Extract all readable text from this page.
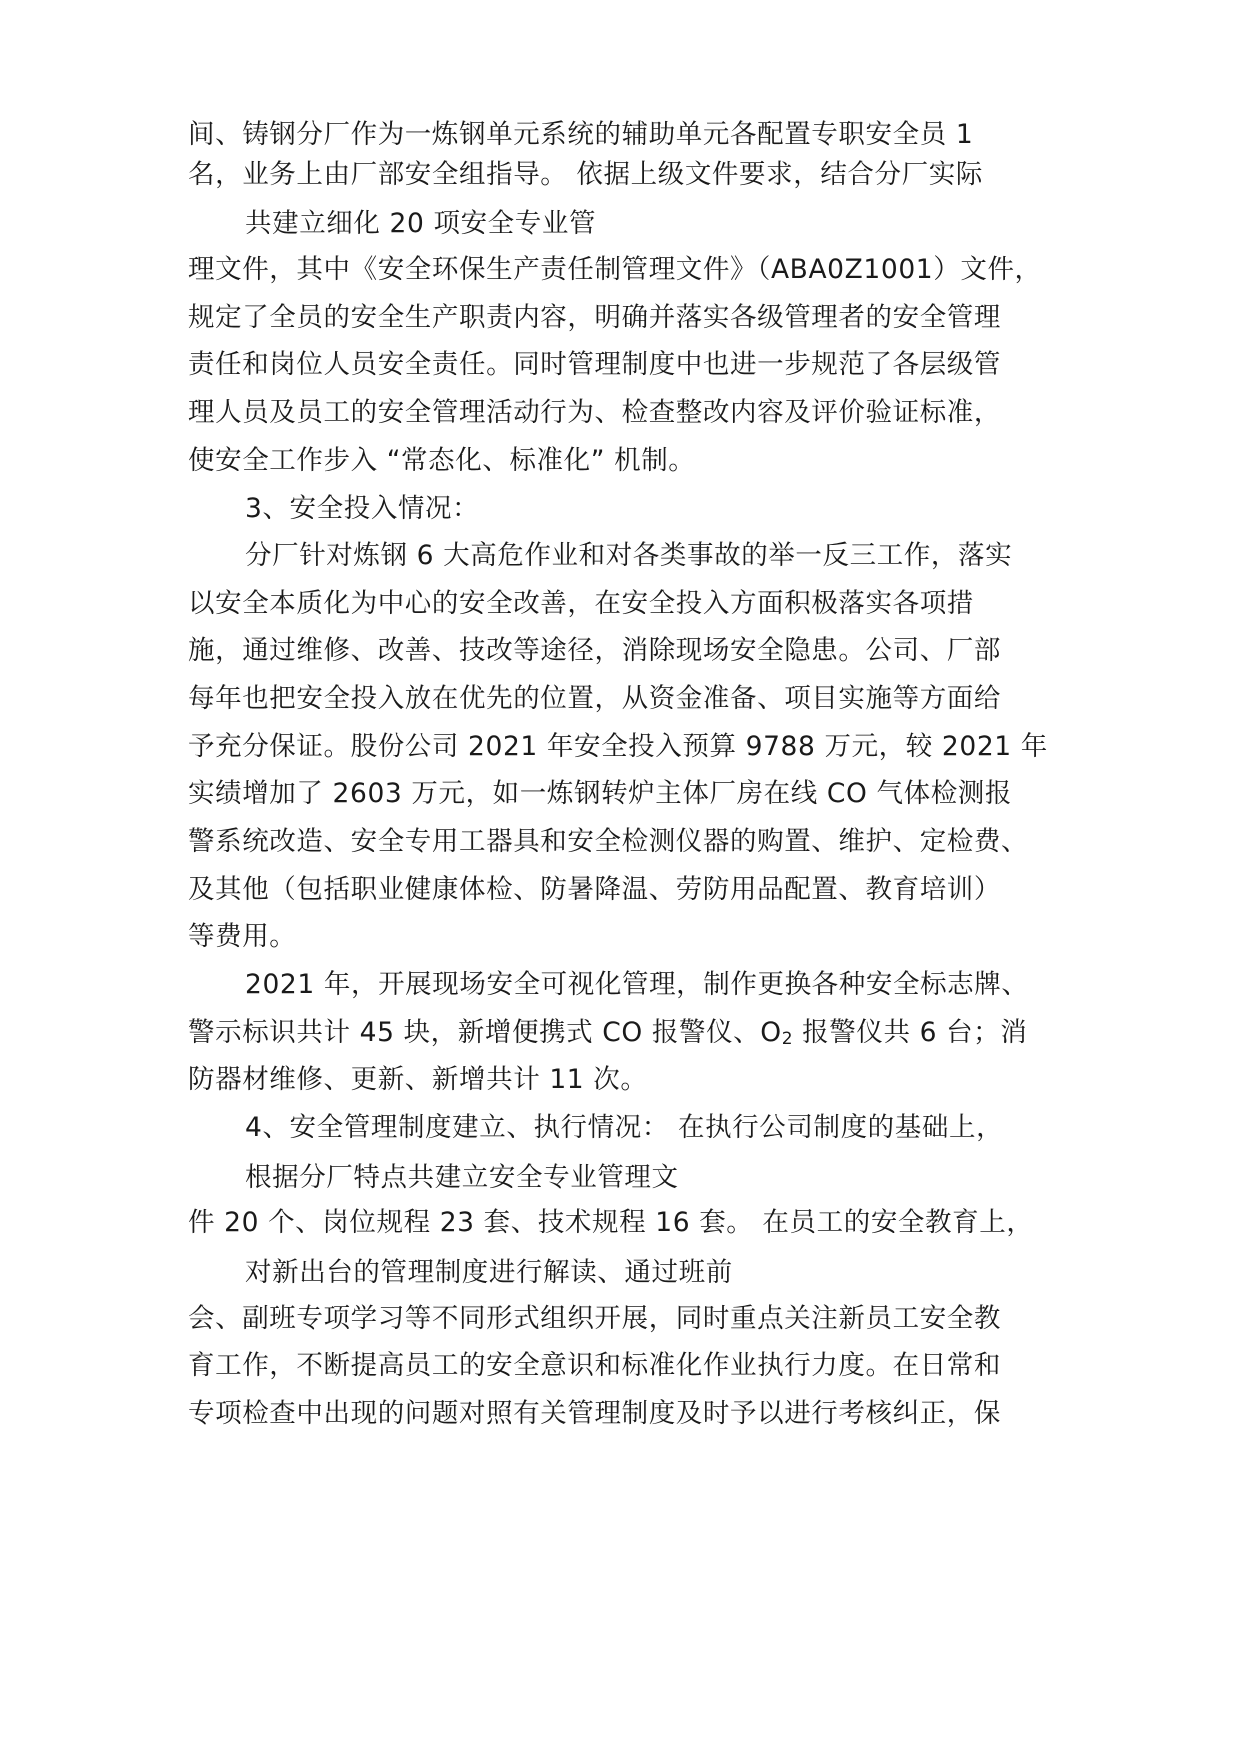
间、铸钢分厂作为一炼钢单元系统的辅助单元各配置专职安全员 1
名，业务上由厂部安全组指导。 依据上级文件要求，结合分厂实际
共建立细化 20 项安全专业管
理文件，其中《安全环保生产责任制管理文件》（ABA0Z1001）文件，
规定了全员的安全生产职责内容，明确并落实各级管理者的安全管理
责任和岗位人员安全责任。同时管理制度中也进一步规范了各层级管
理人员及员工的安全管理活动行为、检查整改内容及评价验证标准，
使安全工作步入 “常态化、标准化” 机制。
3、安全投入情况：
分厂针对炼钢 6 大高危作业和对各类事故的举一反三工作，落实
以安全本质化为中心的安全改善，在安全投入方面积极落实各项措
施，通过维修、改善、技改等途径，消除现场安全隐患。公司、厂部
每年也把安全投入放在优先的位置，从资金准备、项目实施等方面给
予充分保证。股份公司 2021 年安全投入预算 9788 万元，较 2021 年
实绩增加了 2603 万元，如一炼钢转炉主体厂房在线 CO 气体检测报
警系统改造、安全专用工器具和安全检测仪器的购置、维护、定检费、
及其他（包括职业健康体检、防暑降温、劳防用品配置、教育培训）
等费用。
2021 年，开展现场安全可视化管理，制作更换各种安全标志牌、
警示标识共计 45 块，新增便携式 CO 报警仪、$O_2$ 报警仪共 6 台；消
防器材维修、更新、新增共计 11 次。
4、安全管理制度建立、执行情况： 在执行公司制度的基础上，
根据分厂特点共建立安全专业管理文
件 20 个、岗位规程 23 套、技术规程 16 套。 在员工的安全教育上，
对新出台的管理制度进行解读、通过班前
会、副班专项学习等不同形式组织开展，同时重点关注新员工安全教
育工作，不断提高员工的安全意识和标准化作业执行力度。在日常和
专项检查中出现的问题对照有关管理制度及时予以进行考核纠正，保
